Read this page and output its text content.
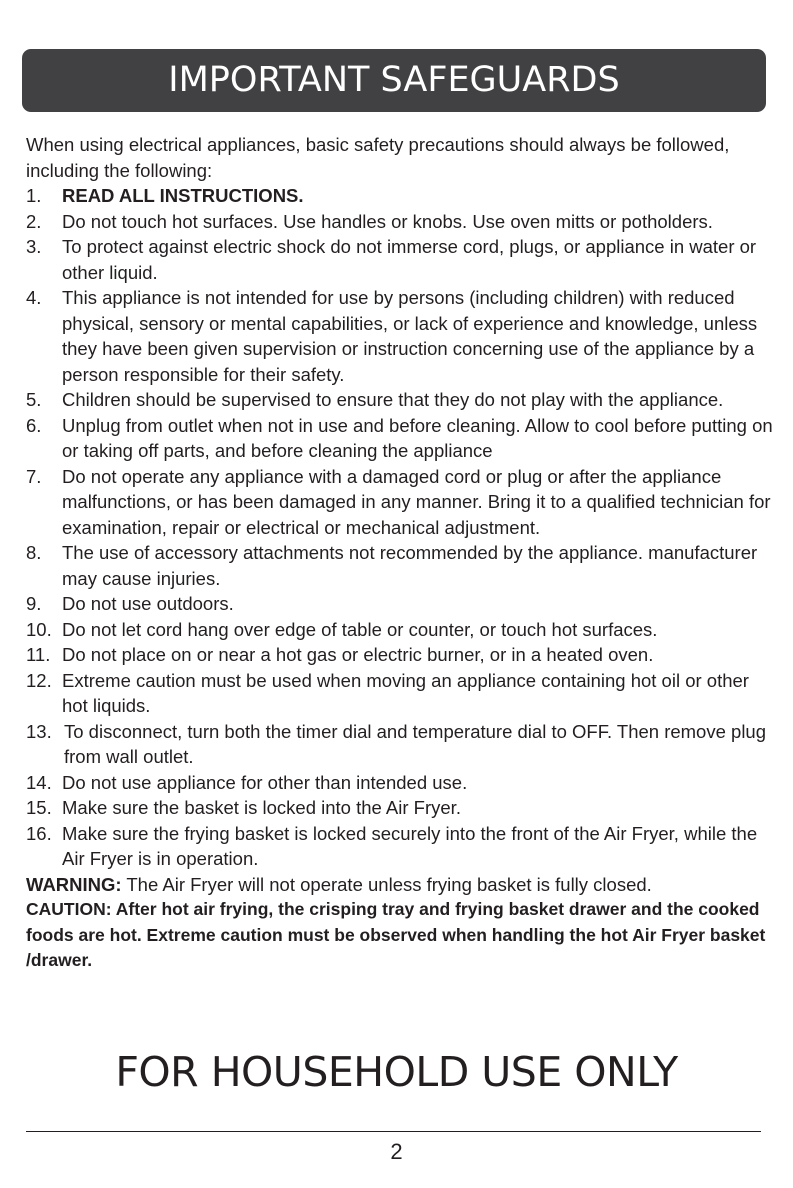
IMPORTANT SAFEGUARDS

When using electrical appliances, basic safety precautions should always be followed, including the following:

1.	READ ALL INSTRUCTIONS.
2.	Do not touch hot surfaces. Use handles or knobs. Use oven mitts or potholders.
3.	To protect against electric shock do not immerse cord, plugs, or appliance in water or other liquid.
4.	This appliance is not intended for use by persons (including children) with reduced physical, sensory or mental capabilities, or lack of experience and knowledge, unless they have been given supervision or instruction concerning use of the appliance by a person responsible for their safety.
5.	Children should be supervised to ensure that they do not play with the appliance.
6.	Unplug from outlet when not in use and before cleaning. Allow to cool before putting on or taking off parts, and before cleaning the appliance
7.	Do not operate any appliance with a damaged cord or plug or after the appliance malfunctions, or has been damaged in any manner. Bring it to a qualified technician for examination, repair or electrical or mechanical adjustment.
8.	The use of accessory attachments not recommended by the appliance. manufacturer may cause injuries.
9.	Do not use outdoors.
10. Do not let cord hang over edge of table or counter, or touch hot surfaces.
11. Do not place on or near a hot gas or electric burner, or in a heated oven.
12. Extreme caution must be used when moving an appliance containing hot oil or other hot liquids.
13. To disconnect, turn both the timer dial and temperature dial to OFF. Then remove plug from wall outlet.
14. Do not use appliance for other than intended use.
15. Make sure the basket is locked into the Air Fryer.
16. Make sure the frying basket is locked securely into the front of the Air Fryer, while the Air Fryer is in operation.

WARNING: The Air Fryer will not operate unless frying basket is fully closed.

CAUTION: After hot air frying, the crisping tray and frying basket drawer and the cooked foods are hot. Extreme caution must be observed when handling the hot Air Fryer basket /drawer.

FOR HOUSEHOLD USE ONLY

2
